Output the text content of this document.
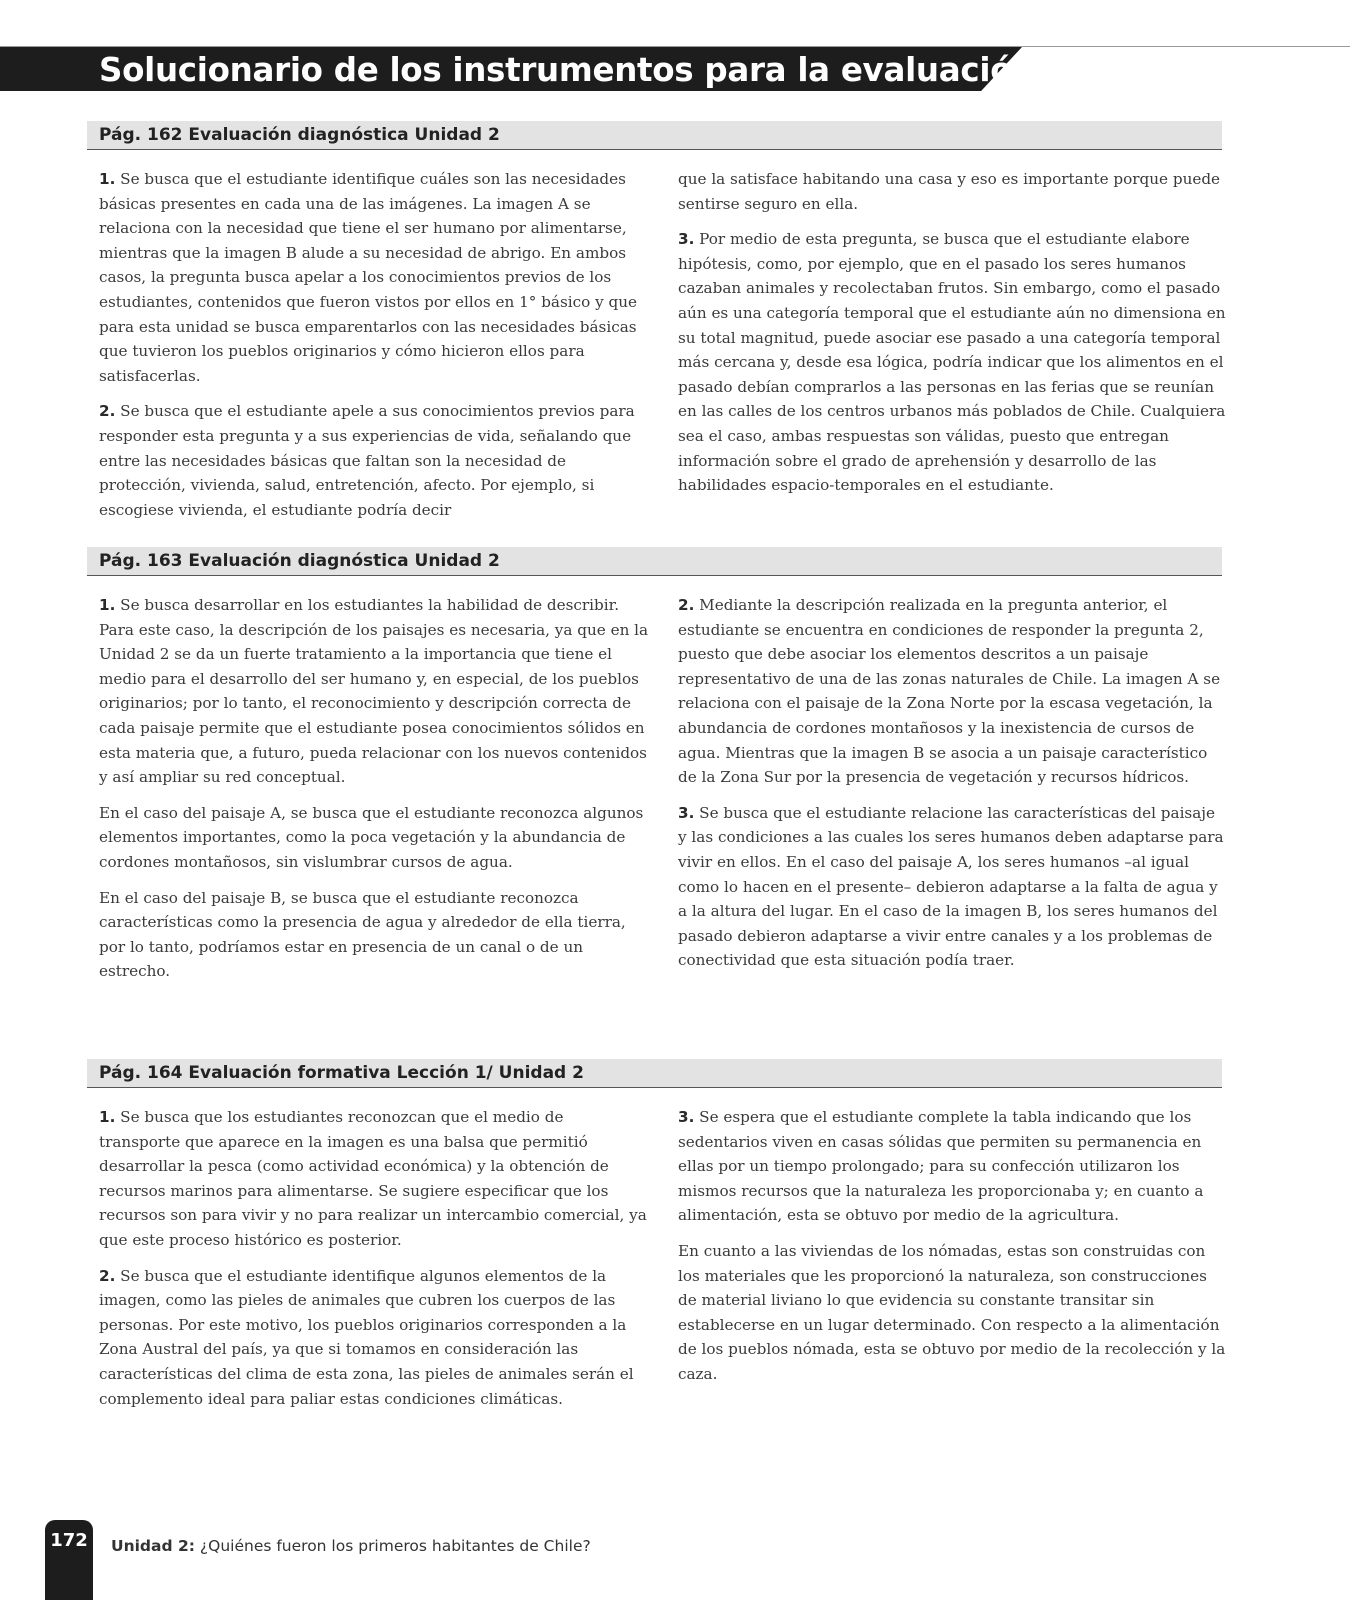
Solucionario de los instrumentos para la evaluación
Pág. 162 Evaluación diagnóstica Unidad 2

1. Se busca que el estudiante identifique cuáles son las necesidades básicas presentes en cada una de las imágenes. La imagen A se relaciona con la necesidad que tiene el ser humano por alimentarse, mientras que la imagen B alude a su necesidad de abrigo. En ambos casos, la pregunta busca apelar a los conocimientos previos de los estudiantes, contenidos que fueron vistos por ellos en 1° básico y que para esta unidad se busca emparentarlos con las necesidades básicas que tuvieron los pueblos originarios y cómo hicieron ellos para satisfacerlas.

2. Se busca que el estudiante apele a sus conocimientos previos para responder esta pregunta y a sus experiencias de vida, señalando que entre las necesidades básicas que faltan son la necesidad de protección, vivienda, salud, entretención, afecto. Por ejemplo, si escogiese vivienda, el estudiante podría decir

que la satisface habitando una casa y eso es importante porque puede sentirse seguro en ella.

3. Por medio de esta pregunta, se busca que el estudiante elabore hipótesis, como, por ejemplo, que en el pasado los seres humanos cazaban animales y recolectaban frutos. Sin embargo, como el pasado aún es una categoría temporal que el estudiante aún no dimensiona en su total magnitud, puede asociar ese pasado a una categoría temporal más cercana y, desde esa lógica, podría indicar que los alimentos en el pasado debían comprarlos a las personas en las ferias que se reunían en las calles de los centros urbanos más poblados de Chile. Cualquiera sea el caso, ambas respuestas son válidas, puesto que entregan información sobre el grado de aprehensión y desarrollo de las habilidades espacio-temporales en el estudiante.

Pág. 163 Evaluación diagnóstica Unidad 2

1. Se busca desarrollar en los estudiantes la habilidad de describir. Para este caso, la descripción de los paisajes es necesaria, ya que en la Unidad 2 se da un fuerte tratamiento a la importancia que tiene el medio para el desarrollo del ser humano y, en especial, de los pueblos originarios; por lo tanto, el reconocimiento y descripción correcta de cada paisaje permite que el estudiante posea conocimientos sólidos en esta materia que, a futuro, pueda relacionar con los nuevos contenidos y así ampliar su red conceptual.

En el caso del paisaje A, se busca que el estudiante reconozca algunos elementos importantes, como la poca vegetación y la abundancia de cordones montañosos, sin vislumbrar cursos de agua.

En el caso del paisaje B, se busca que el estudiante reconozca características como la presencia de agua y alrededor de ella tierra, por lo tanto, podríamos estar en presencia de un canal o de un estrecho.

2. Mediante la descripción realizada en la pregunta anterior, el estudiante se encuentra en condiciones de responder la pregunta 2, puesto que debe asociar los elementos descritos a un paisaje representativo de una de las zonas naturales de Chile. La imagen A se relaciona con el paisaje de la Zona Norte por la escasa vegetación, la abundancia de cordones montañosos y la inexistencia de cursos de agua. Mientras que la imagen B se asocia a un paisaje característico de la Zona Sur por la presencia de vegetación y recursos hídricos.

3. Se busca que el estudiante relacione las características del paisaje y las condiciones a las cuales los seres humanos deben adaptarse para vivir en ellos. En el caso del paisaje A, los seres humanos –al igual como lo hacen en el presente– debieron adaptarse a la falta de agua y a la altura del lugar. En el caso de la imagen B, los seres humanos del pasado debieron adaptarse a vivir entre canales y a los problemas de conectividad que esta situación podía traer.

Pág. 164 Evaluación formativa Lección 1/ Unidad 2

1. Se busca que los estudiantes reconozcan que el medio de transporte que aparece en la imagen es una balsa que permitió desarrollar la pesca (como actividad económica) y la obtención de recursos marinos para alimentarse. Se sugiere especificar que los recursos son para vivir y no para realizar un intercambio comercial, ya que este proceso histórico es posterior.

2. Se busca que el estudiante identifique algunos elementos de la imagen, como las pieles de animales que cubren los cuerpos de las personas. Por este motivo, los pueblos originarios corresponden a la Zona Austral del país, ya que si tomamos en consideración las características del clima de esta zona, las pieles de animales serán el complemento ideal para paliar estas condiciones climáticas.

3. Se espera que el estudiante complete la tabla indicando que los sedentarios viven en casas sólidas que permiten su permanencia en ellas por un tiempo prolongado; para su confección utilizaron los mismos recursos que la naturaleza les proporcionaba y; en cuanto a alimentación, esta se obtuvo por medio de la agricultura.

En cuanto a las viviendas de los nómadas, estas son construidas con los materiales que les proporcionó la naturaleza, son construcciones de material liviano lo que evidencia su constante transitar sin establecerse en un lugar determinado. Con respecto a la alimentación de los pueblos nómada, esta se obtuvo por medio de la recolección y la caza.

172	Unidad 2: ¿Quiénes fueron los primeros habitantes de Chile?
